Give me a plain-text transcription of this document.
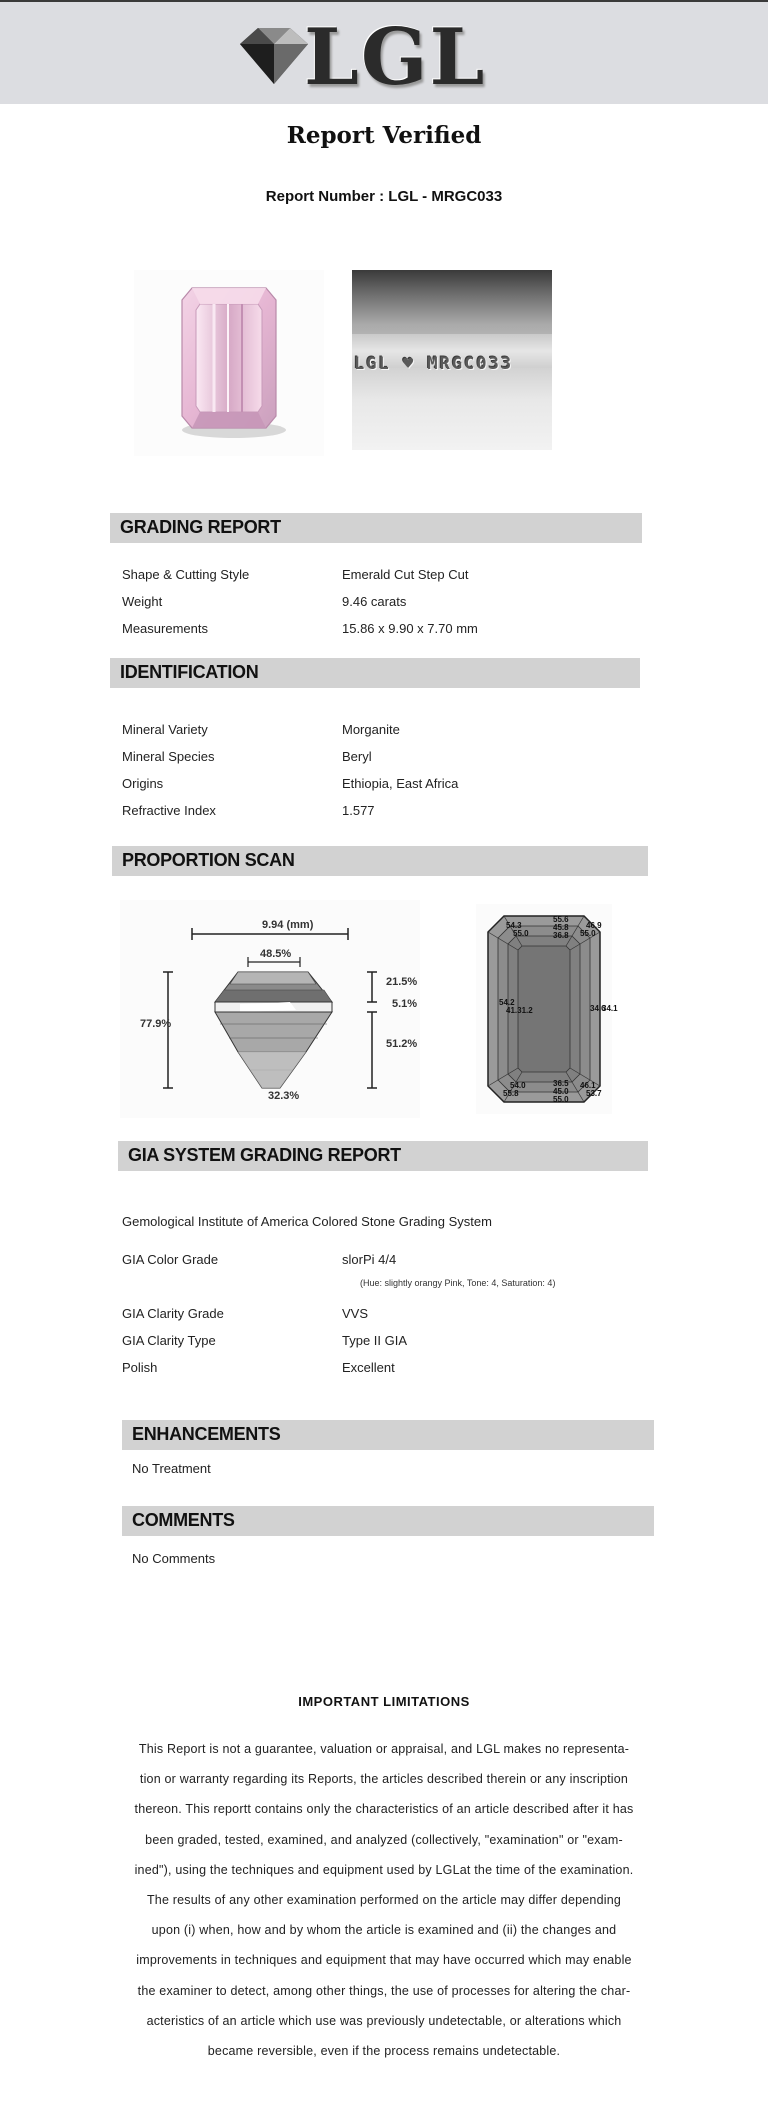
LGL
Report Verified
Report Number : LGL - MRGC033
LGL ♥ MRGC033
GRADING REPORT
Shape & Cutting Style	Emerald Cut Step Cut
Weight	9.46 carats
Measurements	15.86 x 9.90 x 7.70 mm
IDENTIFICATION
Mineral Variety	Morganite
Mineral Species	Beryl
Origins	Ethiopia, East Africa
Refractive Index	1.577
PROPORTION SCAN
9.94 (mm)
48.5%
77.9%
21.5%
5.1%
51.2%
32.3%
55.6
45.8
36.8
54.3
55.0
46.9
55.0
54.2
41.31.2	34.6
34.1
36.5
45.0
55.0
54.0
55.8
46.1
53.7
GIA SYSTEM GRADING REPORT
Gemological Institute of America Colored Stone Grading System
GIA Color Grade	slorPi 4/4
(Hue: slightly orangy Pink, Tone: 4, Saturation: 4)
GIA Clarity Grade	VVS
GIA Clarity Type	Type II GIA
Polish	Excellent
ENHANCEMENTS
No Treatment
COMMENTS
No Comments
IMPORTANT LIMITATIONS
This Report is not a guarantee, valuation or appraisal, and LGL makes no representa-
tion or warranty regarding its Reports, the articles described therein or any inscription
thereon. This reportt contains only the characteristics of an article described after it has
been graded, tested, examined, and analyzed (collectively, "examination" or "exam-
ined"), using the techniques and equipment used by LGLat the time of the examination.
The results of any other examination performed on the article may differ depending
upon (i) when, how and by whom the article is examined and (ii) the changes and
improvements in techniques and equipment that may have occurred which may enable
the examiner to detect, among other things, the use of processes for altering the char-
acteristics of an article which use was previously undetectable, or alterations which
became reversible, even if the process remains undetectable.
